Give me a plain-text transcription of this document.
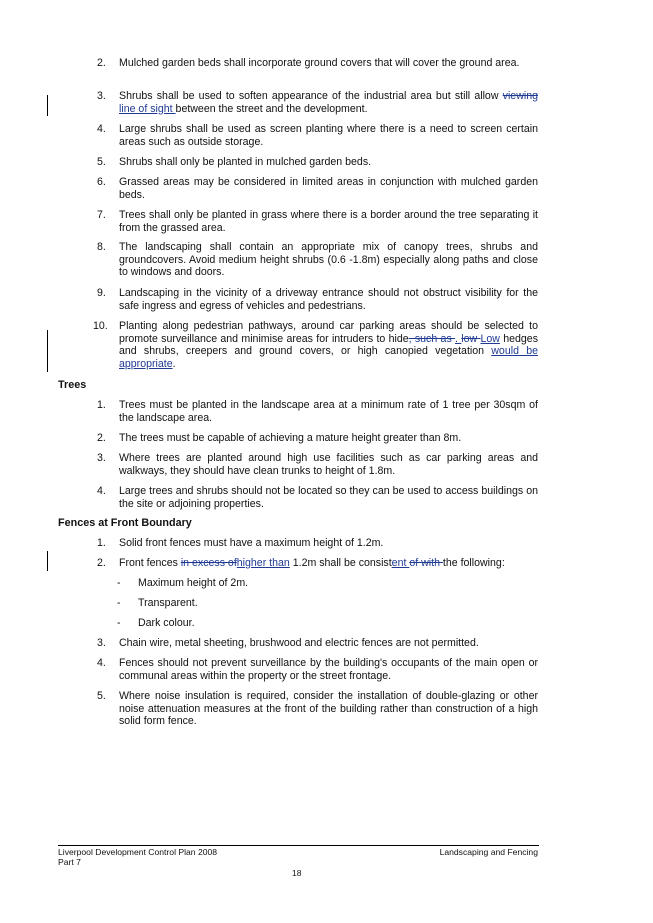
2.	Mulched garden beds shall incorporate ground covers that will cover the ground area.
3.	Shrubs shall be used to soften appearance of the industrial area but still allow viewing line of sight between the street and the development.
4.	Large shrubs shall be used as screen planting where there is a need to screen certain areas such as outside storage.
5.	Shrubs shall only be planted in mulched garden beds.
6.	Grassed areas may be considered in limited areas in conjunction with mulched garden beds.
7.	Trees shall only be planted in grass where there is a border around the tree separating it from the grassed area.
8.	The landscaping shall contain an appropriate mix of canopy trees, shrubs and groundcovers. Avoid medium height shrubs (0.6 -1.8m) especially along paths and close to windows and doors.
9.	Landscaping in the vicinity of a driveway entrance should not obstruct visibility for the safe ingress and egress of vehicles and pedestrians.
10.	Planting along pedestrian pathways, around car parking areas should be selected to promote surveillance and minimise areas for intruders to hide, such as . low Low hedges and shrubs, creepers and ground covers, or high canopied vegetation would be appropriate.
Trees
1.	Trees must be planted in the landscape area at a minimum rate of 1 tree per 30sqm of the landscape area.
2.	The trees must be capable of achieving a mature height greater than 8m.
3.	Where trees are planted around high use facilities such as car parking areas and walkways, they should have clean trunks to height of 1.8m.
4.	Large trees and shrubs should not be located so they can be used to access buildings on the site or adjoining properties.
Fences at Front Boundary
1.	Solid front fences must have a maximum height of 1.2m.
2.	Front fences in excess ofhigher than 1.2m shall be consistent of with the following:
-	Maximum height of 2m.
-	Transparent.
-	Dark colour.
3.	Chain wire, metal sheeting, brushwood and electric fences are not permitted.
4.	Fences should not prevent surveillance by the building's occupants of the main open or communal areas within the property or the street frontage.
5.	Where noise insulation is required, consider the installation of double-glazing or other noise attenuation measures at the front of the building rather than construction of a high solid form fence.
Liverpool Development Control Plan 2008
Part 7
Landscaping and Fencing
18
